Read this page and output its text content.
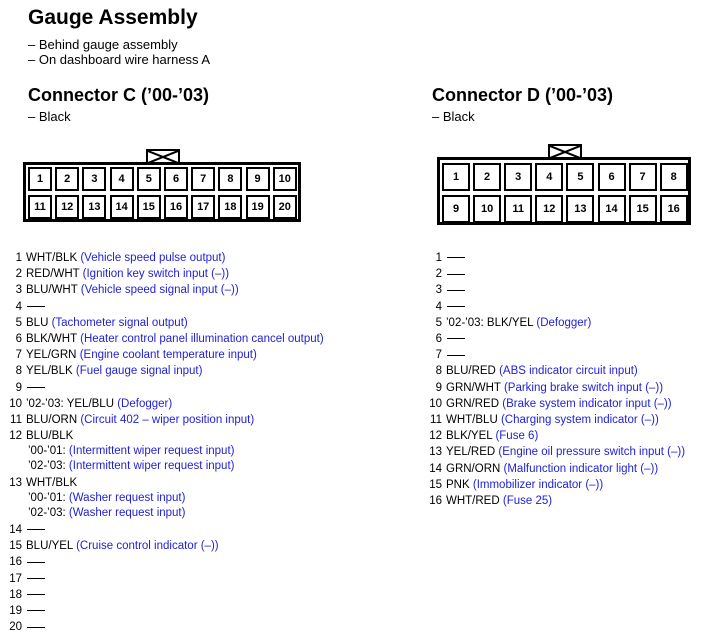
Gauge Assembly
– Behind gauge assembly
– On dashboard wire harness A
Connector C (’00-’03)
– Black
1	2	3	4	5	6	7	8	9	10
11	12	13	14	15	16	17	18	19	20
Connector D (’00-’03)
– Black
1	2	3	4	5	6	7	8
9	10	11	12	13	14	15	16
1 WHT/BLK (Vehicle speed pulse output)
2 RED/WHT (Ignition key switch input (–))
3 BLU/WHT (Vehicle speed signal input (–))
4
5 BLU (Tachometer signal output)
6 BLK/WHT (Heater control panel illumination cancel output)
7 YEL/GRN (Engine coolant temperature input)
8 YEL/BLK (Fuel gauge signal input)
9
10 ’02-’03: YEL/BLU (Defogger)
11 BLU/ORN (Circuit 402 – wiper position input)
12 BLU/BLK
’00-’01: (Intermittent wiper request input)
’02-’03: (Intermittent wiper request input)
13 WHT/BLK
’00-’01: (Washer request input)
’02-’03: (Washer request input)
14
15 BLU/YEL (Cruise control indicator (–))
16
17
18
19
20
1
2
3
4
5 ’02-’03: BLK/YEL (Defogger)
6
7
8 BLU/RED (ABS indicator circuit input)
9 GRN/WHT (Parking brake switch input (–))
10 GRN/RED (Brake system indicator input (–))
11 WHT/BLU (Charging system indicator (–))
12 BLK/YEL (Fuse 6)
13 YEL/RED (Engine oil pressure switch input (–))
14 GRN/ORN (Malfunction indicator light (–))
15 PNK (Immobilizer indicator (–))
16 WHT/RED (Fuse 25)
